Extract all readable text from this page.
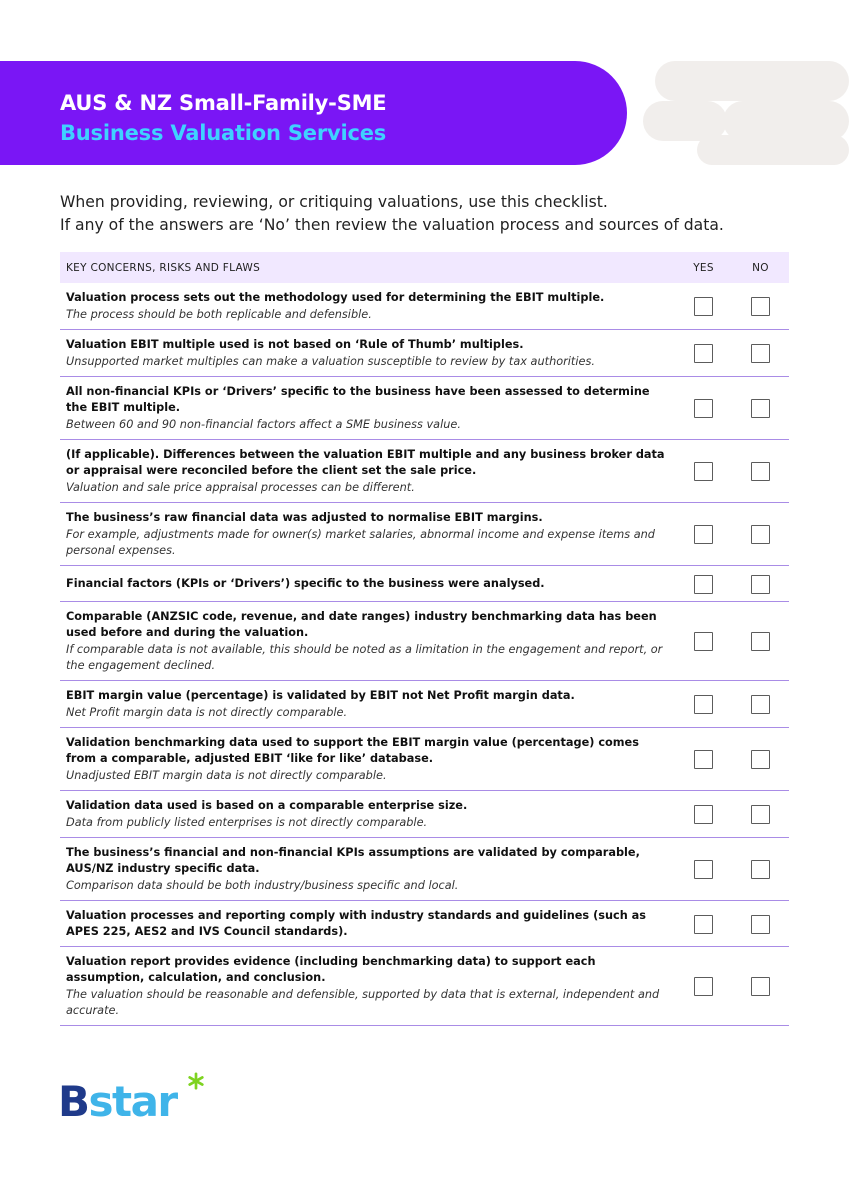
AUS & NZ Small-Family-SME
Business Valuation Services
When providing, reviewing, or critiquing valuations, use this checklist.
If any of the answers are ‘No’ then review the valuation process and sources of data.
KEY CONCERNS, RISKS AND FLAWS	YES	NO

Valuation process sets out the methodology used for determining the EBIT multiple.
The process should be both replicable and defensible.		

Valuation EBIT multiple used is not based on ‘Rule of Thumb’ multiples.
Unsupported market multiples can make a valuation susceptible to review by tax authorities.		

All non-financial KPIs or ‘Drivers’ specific to the business have been assessed to determine the EBIT multiple.
Between 60 and 90 non-financial factors affect a SME business value.		

(If applicable). Differences between the valuation EBIT multiple and any business broker data or appraisal were reconciled before the client set the sale price.
Valuation and sale price appraisal processes can be different.		

The business’s raw financial data was adjusted to normalise EBIT margins.
For example, adjustments made for owner(s) market salaries, abnormal income and expense items and personal expenses.		

Financial factors (KPIs or ‘Drivers’) specific to the business were analysed.		

Comparable (ANZSIC code, revenue, and date ranges) industry benchmarking data has been used before and during the valuation.
If comparable data is not available, this should be noted as a limitation in the engagement and report, or the engagement declined.		

EBIT margin value (percentage) is validated by EBIT not Net Profit margin data.
Net Profit margin data is not directly comparable.		

Validation benchmarking data used to support the EBIT margin value (percentage) comes from a comparable, adjusted EBIT ‘like for like’ database.
Unadjusted EBIT margin data is not directly comparable.		

Validation data used is based on a comparable enterprise size.
Data from publicly listed enterprises is not directly comparable.		

The business’s financial and non-financial KPIs assumptions are validated by comparable, AUS/NZ industry specific data.
Comparison data should be both industry/business specific and local.		

Valuation processes and reporting comply with industry standards and guidelines (such as APES 225, AES2 and IVS Council standards).		

Valuation report provides evidence (including benchmarking data) to support each assumption, calculation, and conclusion.
The valuation should be reasonable and defensible, supported by data that is external, independent and accurate.		

Bstar
